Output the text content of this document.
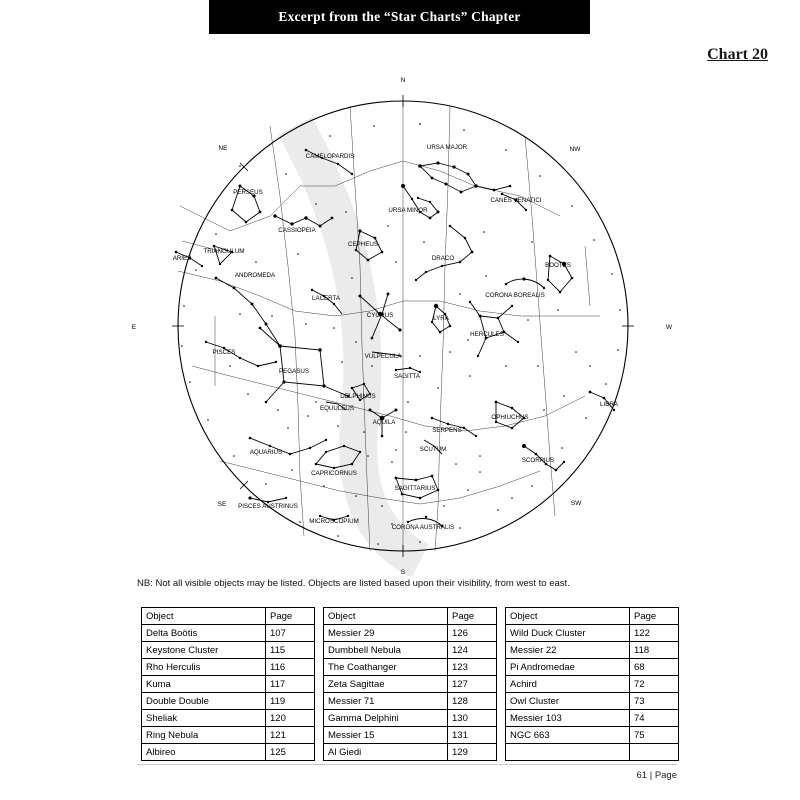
Excerpt from the “Star Charts” Chapter
Chart 20
N
NE	NW
E	W
SE	SW
S
CAMELOPARDIS
URSA MAJOR
CANES VENATICI
PERSEUS
URSA MINOR
CASSIOPEIA
CEPHEUS
DRACO
TRIANGULUM
ARIES
BOOTES
ANDROMEDA
LACERTA	CORONA BOREALIS
CYGNUS	LYRA
HERCULES
PISCES
VULPECULA
PEGASUS
SAGITTA
DELPHINUS
EQUULEUS
LIBRA
AQUILA
SERPENS
OPHIUCHUS
SCUTUM
AQUARIUS
SCORPIUS
CAPRICORNUS
SAGITTARIUS
PISCES AUSTRINUS
MICROSCOPIUM
CORONA AUSTRALIS
NB: Not all visible objects may be listed. Objects are listed based upon their visibility, from west to east.
Object	Page
Delta Boötis	107
Keystone Cluster	115
Rho Herculis	116
Kuma	117
Double Double	119
Sheliak	120
Ring Nebula	121
Albireo	125
Object	Page
Messier 29	126
Dumbbell Nebula	124
The Coathanger	123
Zeta Sagittae	127
Messier 71	128
Gamma Delphini	130
Messier 15	131
Al Giedi	129
Object	Page
Wild Duck Cluster	122
Messier 22	118
Pi Andromedae	68
Achird	72
Owl Cluster	73
Messier 103	74
NGC 663	75

61 | Page
